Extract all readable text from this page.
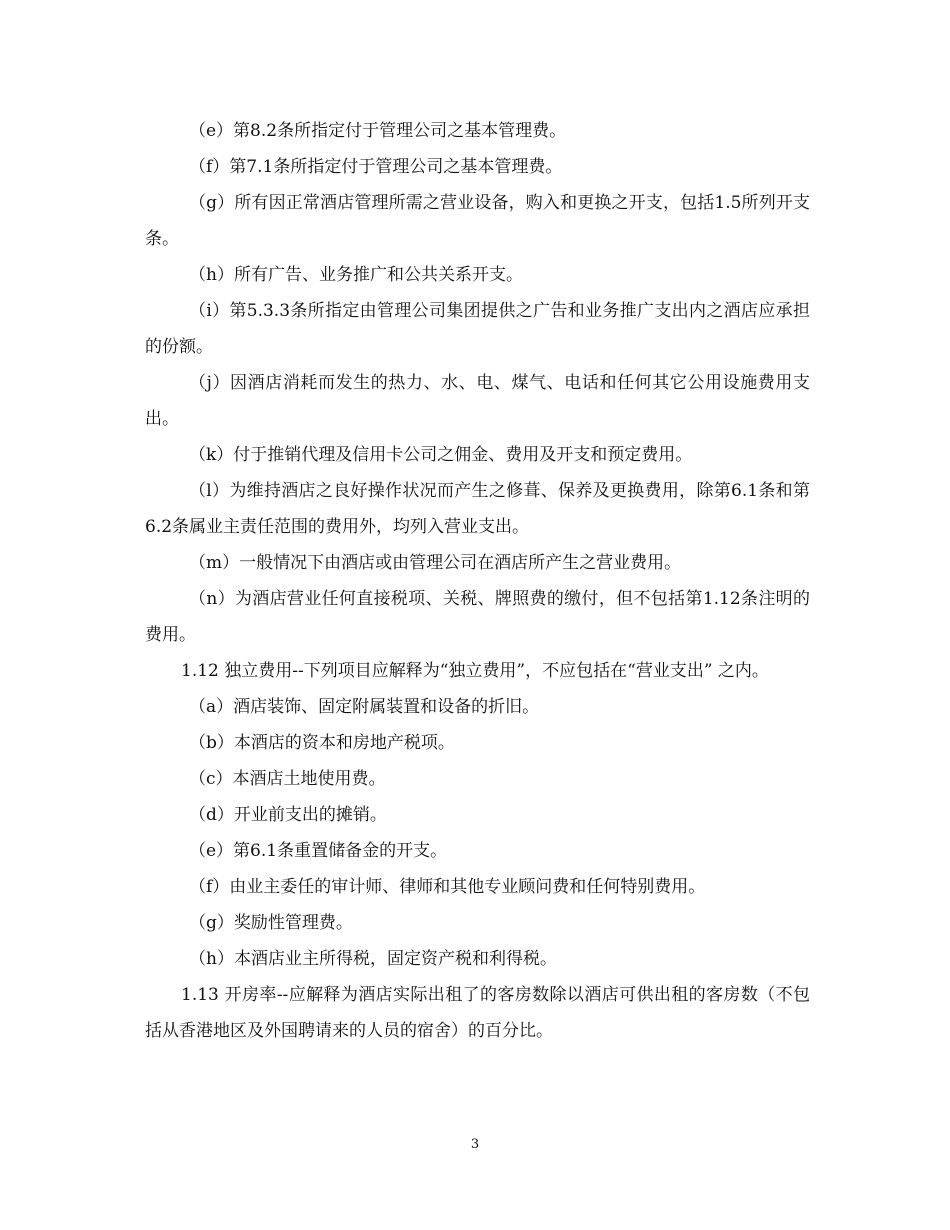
（e）第8.2条所指定付于管理公司之基本管理费。

（f）第7.1条所指定付于管理公司之基本管理费。

（g）所有因正常酒店管理所需之营业设备，购入和更换之开支，包括1.5所列开支条。

（h）所有广告、业务推广和公共关系开支。

（i）第5.3.3条所指定由管理公司集团提供之广告和业务推广支出内之酒店应承担的份额。

（j）因酒店消耗而发生的热力、水、电、煤气、电话和任何其它公用设施费用支出。

（k）付于推销代理及信用卡公司之佣金、费用及开支和预定费用。

（l）为维持酒店之良好操作状况而产生之修葺、保养及更换费用，除第6.1条和第6.2条属业主责任范围的费用外，均列入营业支出。

（m）一般情况下由酒店或由管理公司在酒店所产生之营业费用。

（n）为酒店营业任何直接税项、关税、牌照费的缴付，但不包括第1.12条注明的费用。

1.12 独立费用--下列项目应解释为“独立费用”，不应包括在“营业支出” 之内。

（a）酒店装饰、固定附属装置和设备的折旧。

（b）本酒店的资本和房地产税项。

（c）本酒店土地使用费。

（d）开业前支出的摊销。

（e）第6.1条重置储备金的开支。

（f）由业主委任的审计师、律师和其他专业顾问费和任何特别费用。

（g）奖励性管理费。

（h）本酒店业主所得税，固定资产税和利得税。

1.13 开房率--应解释为酒店实际出租了的客房数除以酒店可供出租的客房数（不包括从香港地区及外国聘请来的人员的宿舍）的百分比。

3
